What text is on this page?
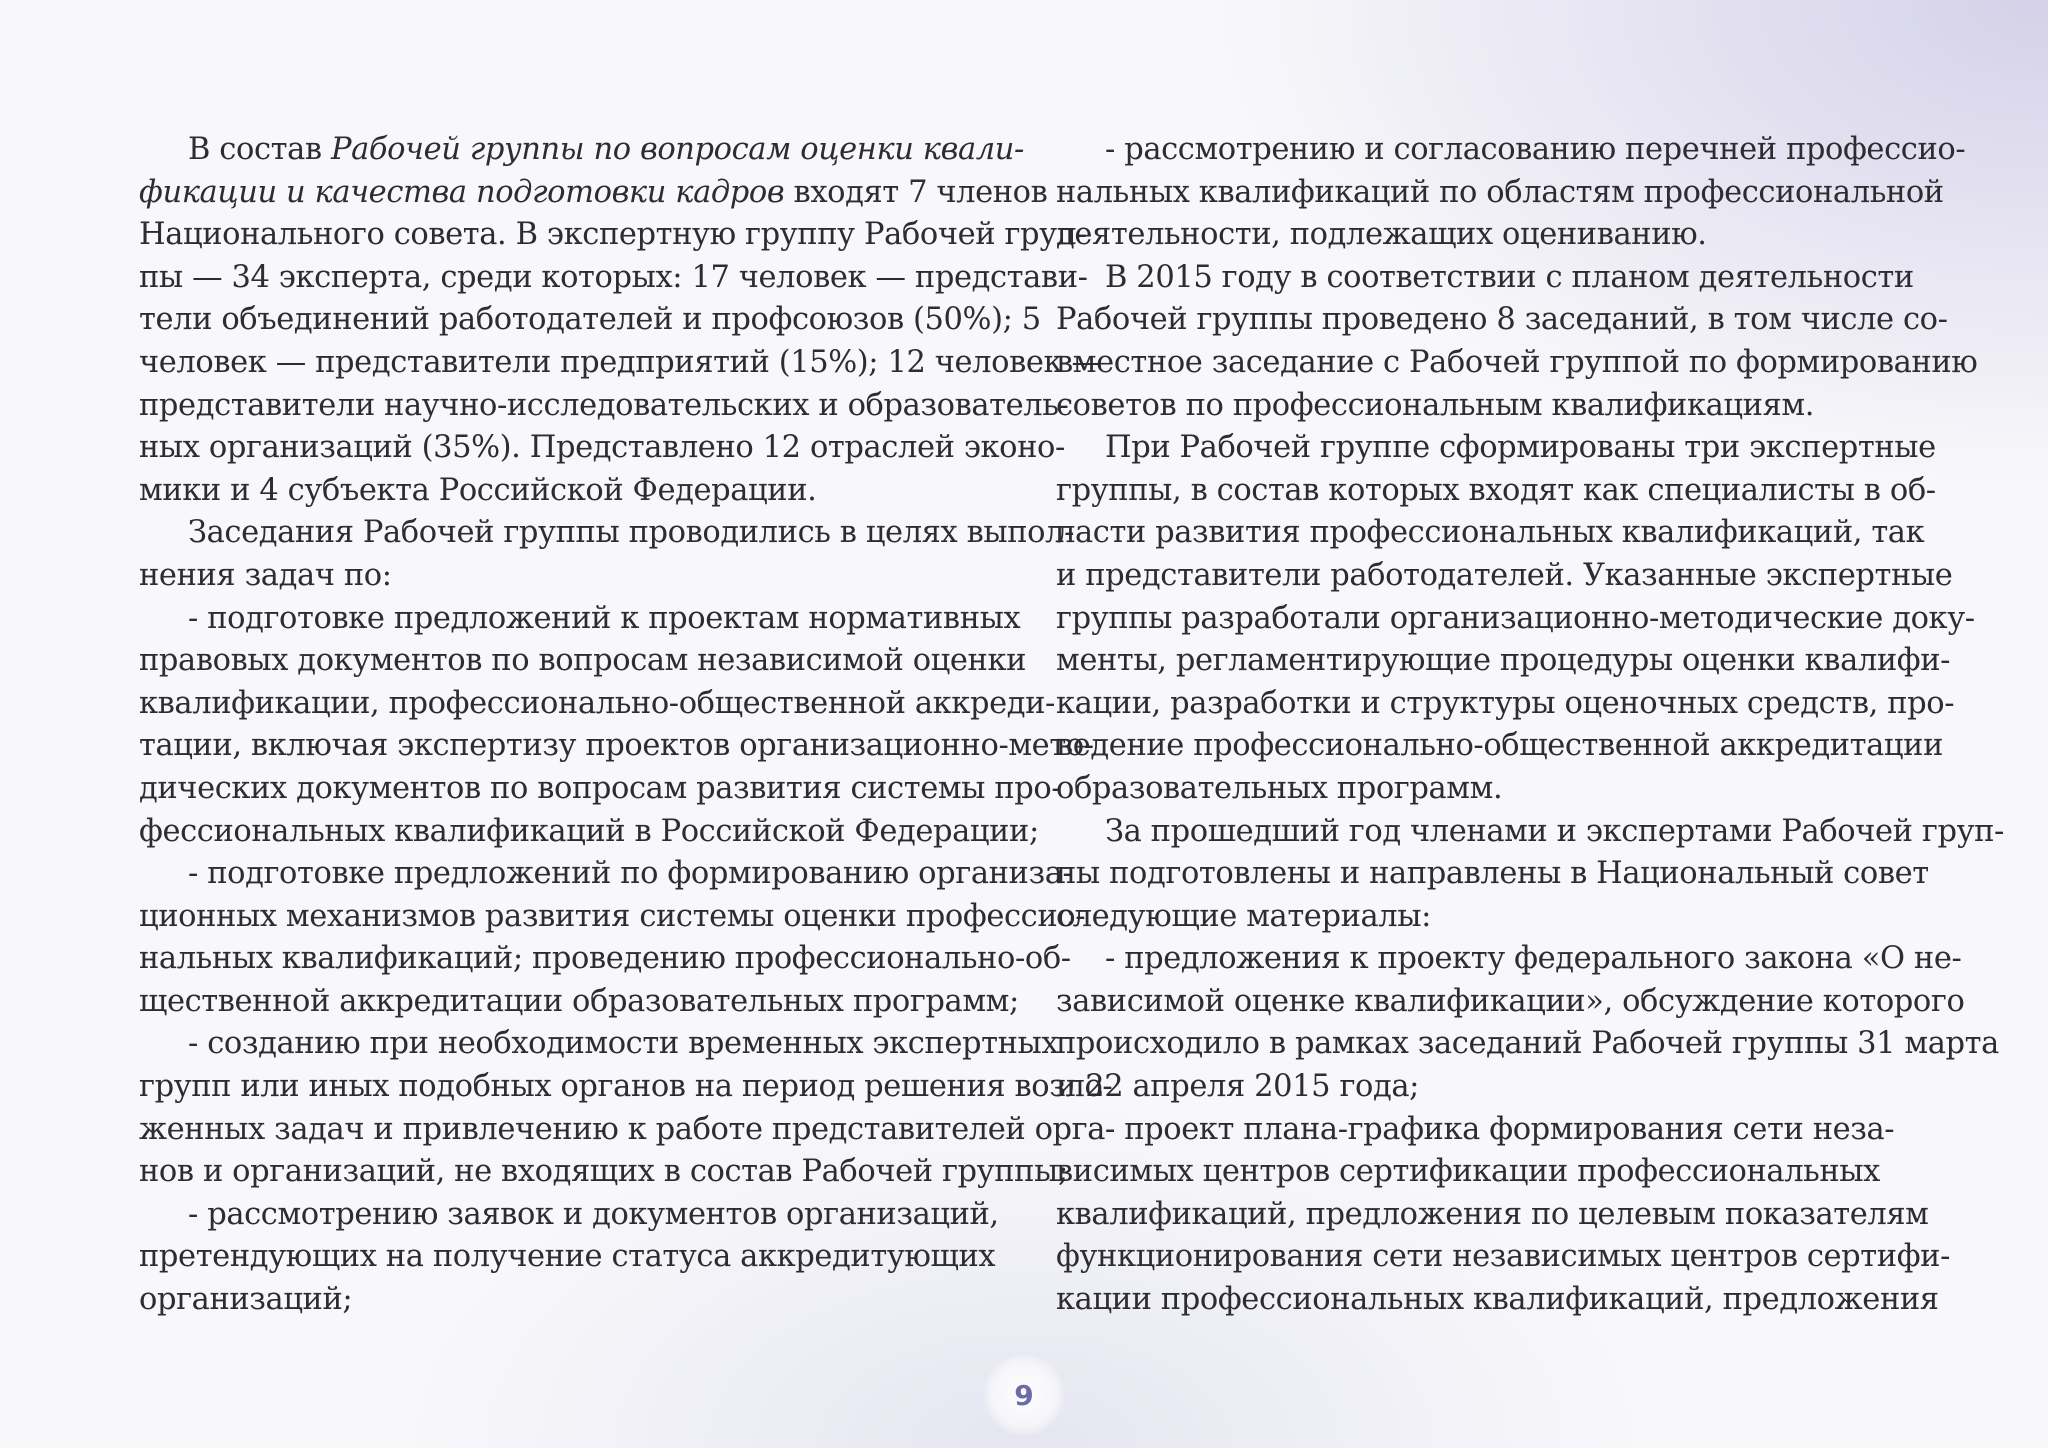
В состав Рабочей группы по вопросам оценки квали-

фикации и качества подготовки кадров входят 7 членов

Национального совета. В экспертную группу Рабочей груп-

пы — 34 эксперта, среди которых: 17 человек — представи-

тели объединений работодателей и профсоюзов (50%); 5

человек — представители предприятий (15%); 12 человек —

представители научно-исследовательских и образователь-

ных организаций (35%). Представлено 12 отраслей эконо-

мики и 4 субъекта Российской Федерации.

Заседания Рабочей группы проводились в целях выпол-

нения задач по:

- подготовке предложений к проектам нормативных

правовых документов по вопросам независимой оценки

квалификации, профессионально-общественной аккреди-

тации, включая экспертизу проектов организационно-мето-

дических документов по вопросам развития системы про-

фессиональных квалификаций в Российской Федерации;

- подготовке предложений по формированию организа-

ционных механизмов развития системы оценки профессио-

нальных квалификаций; проведению профессионально-об-

щественной аккредитации образовательных программ;

- созданию при необходимости временных экспертных

групп или иных подобных органов на период решения возло-

женных задач и привлечению к работе представителей орга-

нов и организаций, не входящих в состав Рабочей группы;

- рассмотрению заявок и документов организаций,

претендующих на получение статуса аккредитующих

организаций;

- рассмотрению и согласованию перечней профессио-

нальных квалификаций по областям профессиональной

деятельности, подлежащих оцениванию.

В 2015 году в соответствии с планом деятельности

Рабочей группы проведено 8 заседаний, в том числе со-

вместное заседание с Рабочей группой по формированию

советов по профессиональным квалификациям.

При Рабочей группе сформированы три экспертные

группы, в состав которых входят как специалисты в об-

ласти развития профессиональных квалификаций, так

и представители работодателей. Указанные экспертные

группы разработали организационно-методические доку-

менты, регламентирующие процедуры оценки квалифи-

кации, разработки и структуры оценочных средств, про-

ведение профессионально-общественной аккредитации

образовательных программ.

За прошедший год членами и экспертами Рабочей груп-

пы подготовлены и направлены в Национальный совет

следующие материалы:

- предложения к проекту федерального закона «О не-

зависимой оценке квалификации», обсуждение которого

происходило в рамках заседаний Рабочей группы 31 марта

и 22 апреля 2015 года;

- проект плана-графика формирования сети неза-

висимых центров сертификации профессиональных

квалификаций, предложения по целевым показателям

функционирования сети независимых центров сертифи-

кации профессиональных квалификаций, предложения

9
